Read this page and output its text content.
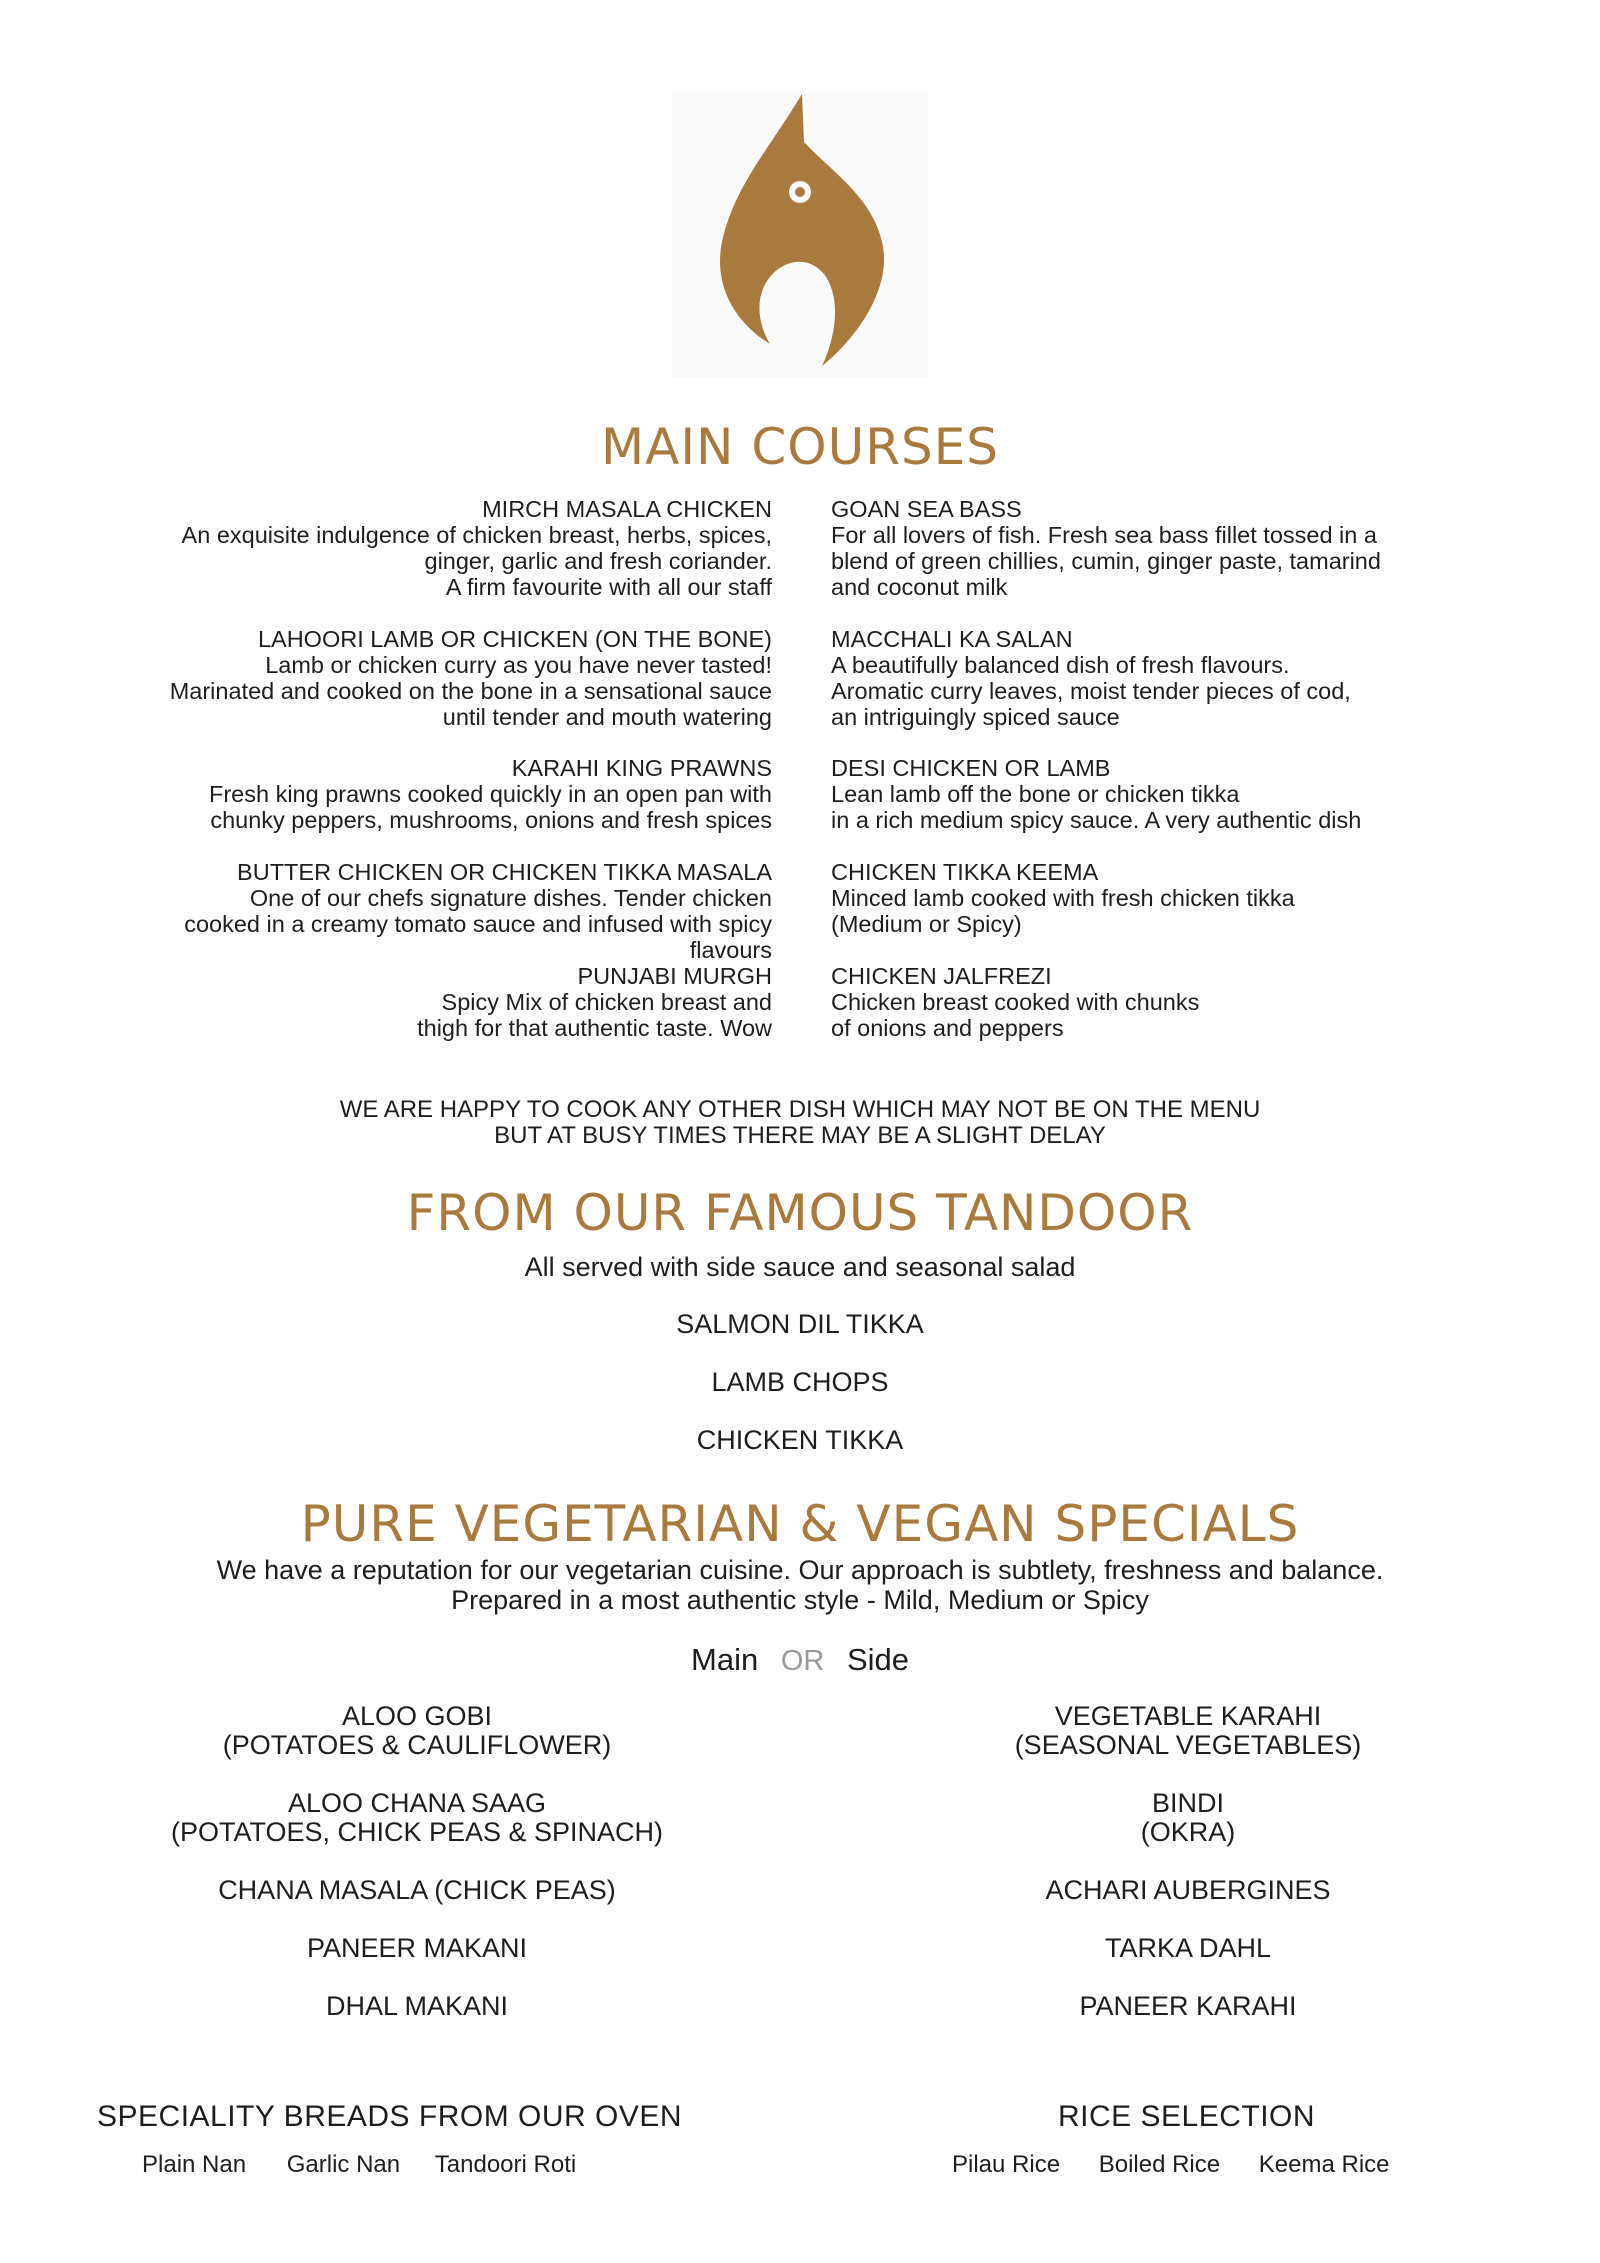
MAIN COURSES
MIRCH MASALA CHICKEN
An exquisite indulgence of chicken breast, herbs, spices,
ginger, garlic and fresh coriander.
A firm favourite with all our staff
LAHOORI LAMB OR CHICKEN (ON THE BONE)
Lamb or chicken curry as you have never tasted!
Marinated and cooked on the bone in a sensational sauce
until tender and mouth watering
KARAHI KING PRAWNS
Fresh king prawns cooked quickly in an open pan with
chunky peppers, mushrooms, onions and fresh spices
BUTTER CHICKEN OR CHICKEN TIKKA MASALA
One of our chefs signature dishes. Tender chicken
cooked in a creamy tomato sauce and infused with spicy
flavours
PUNJABI MURGH
Spicy Mix of chicken breast and
thigh for that authentic taste. Wow
GOAN SEA BASS
For all lovers of fish. Fresh sea bass fillet tossed in a
blend of green chillies, cumin, ginger paste, tamarind
and coconut milk
MACCHALI KA SALAN
A beautifully balanced dish of fresh flavours.
Aromatic curry leaves, moist tender pieces of cod,
an intriguingly spiced sauce
DESI CHICKEN OR LAMB
Lean lamb off the bone or chicken tikka
in a rich medium spicy sauce. A very authentic dish
CHICKEN TIKKA KEEMA
Minced lamb cooked with fresh chicken tikka
(Medium or Spicy)
CHICKEN JALFREZI
Chicken breast cooked with chunks
of onions and peppers
WE ARE HAPPY TO COOK ANY OTHER DISH WHICH MAY NOT BE ON THE MENU
BUT AT BUSY TIMES THERE MAY BE A SLIGHT DELAY
FROM OUR FAMOUS TANDOOR
All served with side sauce and seasonal salad
SALMON DIL TIKKA
LAMB CHOPS
CHICKEN TIKKA
PURE VEGETARIAN & VEGAN SPECIALS
We have a reputation for our vegetarian cuisine. Our approach is subtlety, freshness and balance.
Prepared in a most authentic style - Mild, Medium or Spicy
Main OR Side
ALOO GOBI
(POTATOES & CAULIFLOWER)
ALOO CHANA SAAG
(POTATOES, CHICK PEAS & SPINACH)
CHANA MASALA (CHICK PEAS)
PANEER MAKANI
DHAL MAKANI
VEGETABLE KARAHI
(SEASONAL VEGETABLES)
BINDI
(OKRA)
ACHARI AUBERGINES
TARKA DAHL
PANEER KARAHI
SPECIALITY BREADS FROM OUR OVEN
Plain Nan Garlic Nan Tandoori Roti
RICE SELECTION
Pilau Rice Boiled Rice Keema Rice
